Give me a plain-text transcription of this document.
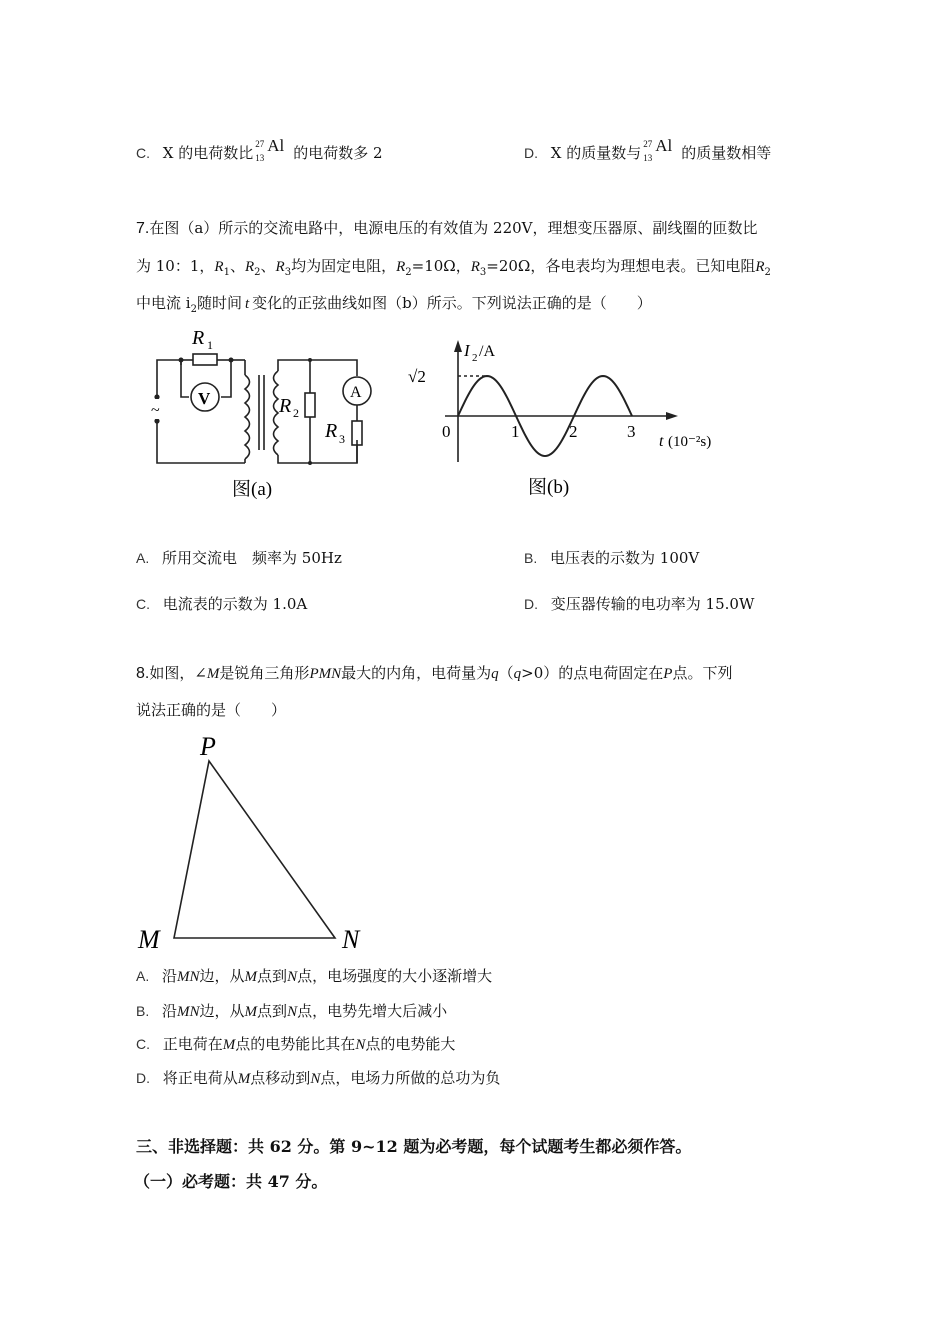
C. X 的电荷数比 27
13
Al 的电荷数多 2	D. X 的质量数与 27
13
Al 的质量数相等
7.在图（a）所示的交流电路中，电源电压的有效值为 220V，理想变压器原、副线圈的匝数比
为 10：1，$R_1$、$R_2$、$R_3$均为固定电阻，$R_2=10\Omega$，$R_3=20\Omega$，各电表均为理想电表。已知电阻$R_2$
中电流 $i_2$随时间 t 变化的正弦曲线如图（b）所示。下列说法正确的是（　　）
~
R 1
V	A
R 2
R 3
图(a)
0	1	2	3
I 2 /A
√2
t (10⁻²s)
图(b)
A. 所用交流电　频率为 50Hz	B. 电压表的示数为 100V
C. 电流表的示数为 1.0A	D. 变压器传输的电功率为 15.0W
8.如图，∠M是锐角三角形PMN最大的内角，电荷量为q（q>0）的点电荷固定在P点。下列
说法正确的是（　　）
P
M	N
A. 沿MN边，从M点到N点，电场强度的大小逐渐增大
B. 沿MN边，从M点到N点，电势先增大后减小
C. 正电荷在M点的电势能比其在N点的电势能大
D. 将正电荷从M点移动到N点，电场力所做的总功为负
三、非选择题：共 62 分。第 9~12 题为必考题，每个试题考生都必须作答。
（一）必考题：共 47 分。
